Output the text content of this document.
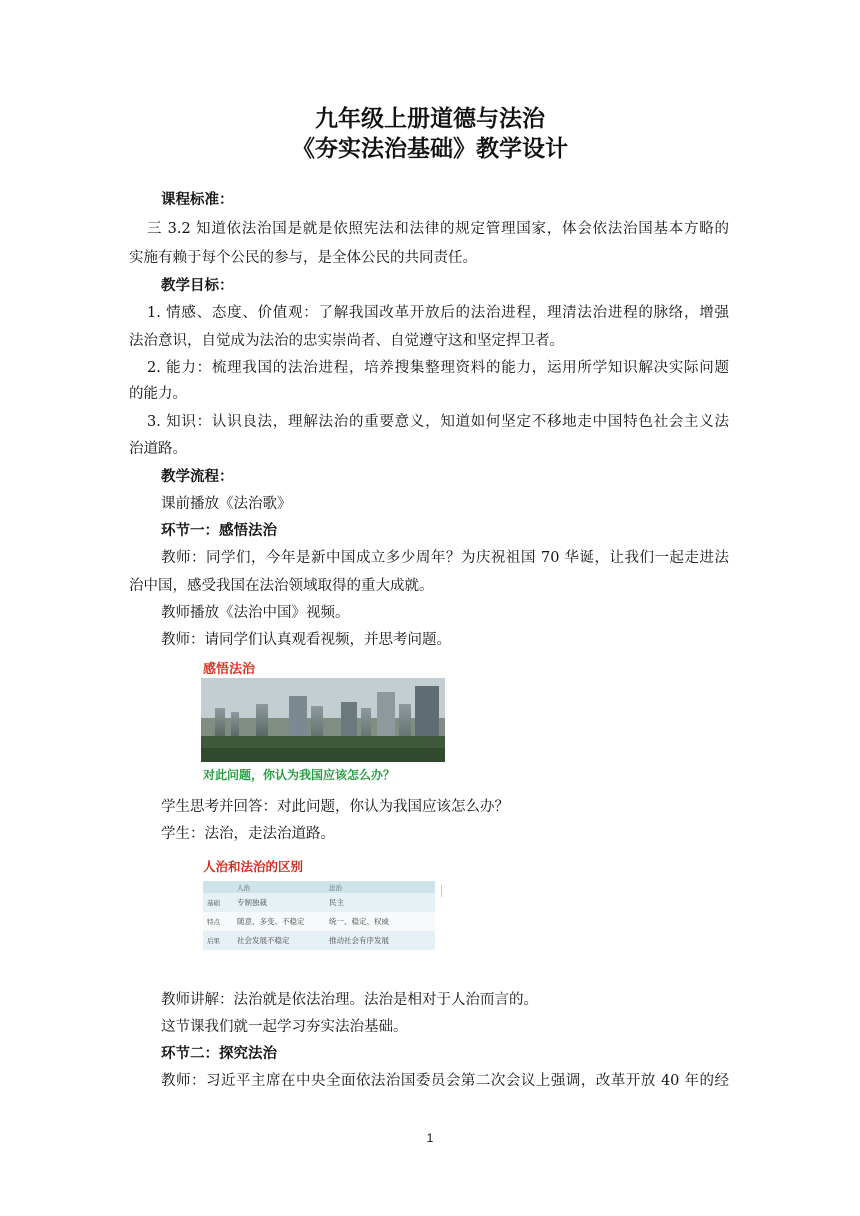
九年级上册道德与法治
《夯实法治基础》教学设计
课程标准：
三 3.2 知道依法治国是就是依照宪法和法律的规定管理国家，体会依法治国基本方略的
实施有赖于每个公民的参与，是全体公民的共同责任。
教学目标：
1. 情感、态度、价值观：了解我国改革开放后的法治进程，理清法治进程的脉络，增强
法治意识，自觉成为法治的忠实崇尚者、自觉遵守这和坚定捍卫者。
2. 能力：梳理我国的法治进程，培养搜集整理资料的能力，运用所学知识解决实际问题
的能力。
3. 知识：认识良法，理解法治的重要意义，知道如何坚定不移地走中国特色社会主义法
治道路。
教学流程：
课前播放《法治歌》
环节一：感悟法治
教师：同学们，今年是新中国成立多少周年？为庆祝祖国 70 华诞，让我们一起走进法
治中国，感受我国在法治领域取得的重大成就。
教师播放《法治中国》视频。
教师：请同学们认真观看视频，并思考问题。
感悟法治
对此问题，你认为我国应该怎么办？
学生思考并回答：对此问题，你认为我国应该怎么办？
学生：法治，走法治道路。
人治和法治的区别
	人治	法治
基础	专制独裁	民主
特点	随意、多变、不稳定	统一、稳定、权威
后果	社会发展不稳定	推动社会有序发展
教师讲解：法治就是依法治理。法治是相对于人治而言的。
这节课我们就一起学习夯实法治基础。
环节二：探究法治
教师：习近平主席在中央全面依法治国委员会第二次会议上强调，改革开放 40 年的经
1
